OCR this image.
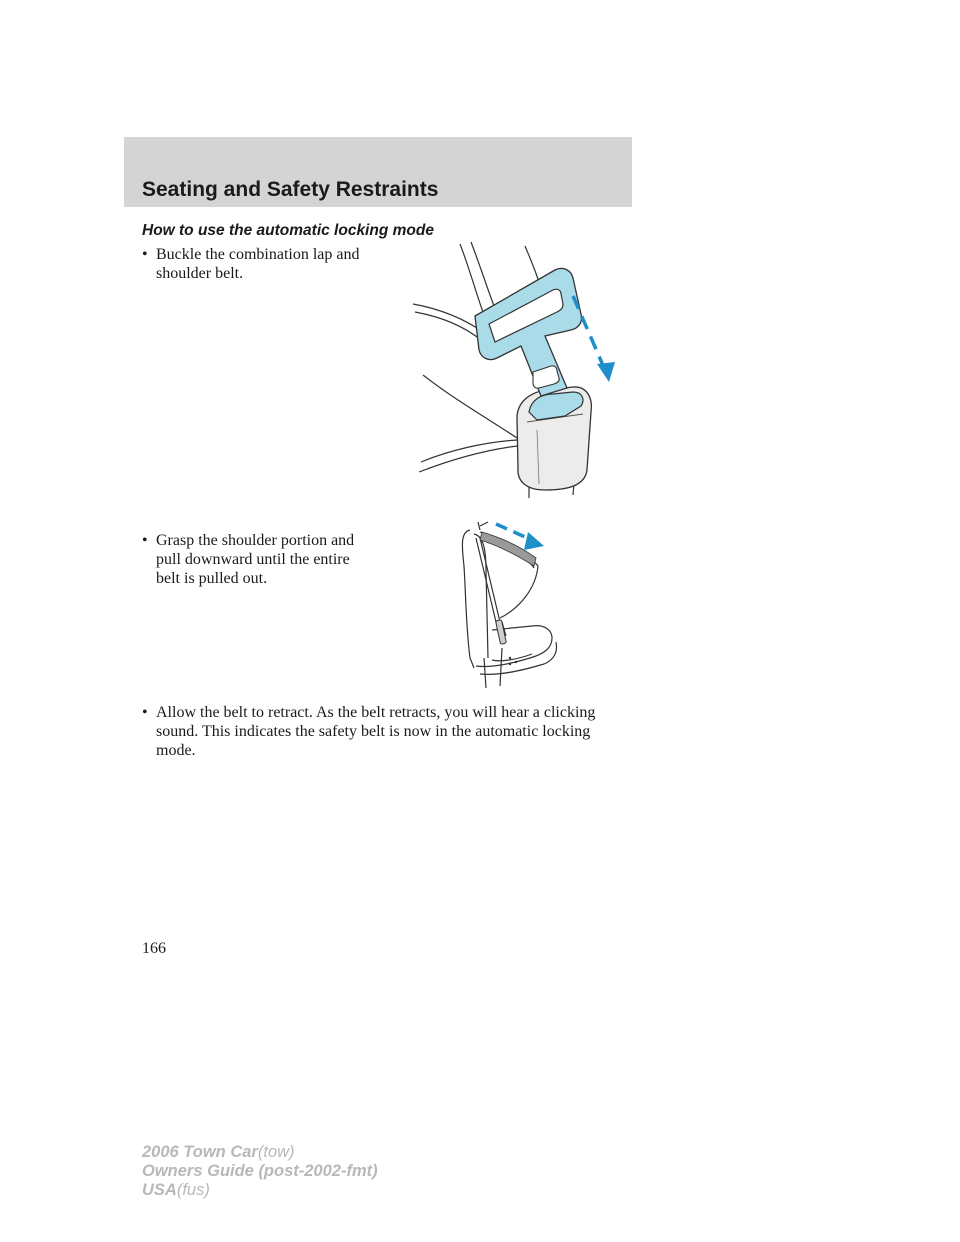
Seating and Safety Restraints
How to use the automatic locking mode
• Buckle the combination lap and
shoulder belt.
• Grasp the shoulder portion and
pull downward until the entire
belt is pulled out.
• Allow the belt to retract. As the belt retracts, you will hear a clicking
sound. This indicates the safety belt is now in the automatic locking
mode.

166

2006 Town Car(tow)
Owners Guide (post-2002-fmt)
USA(fus)
